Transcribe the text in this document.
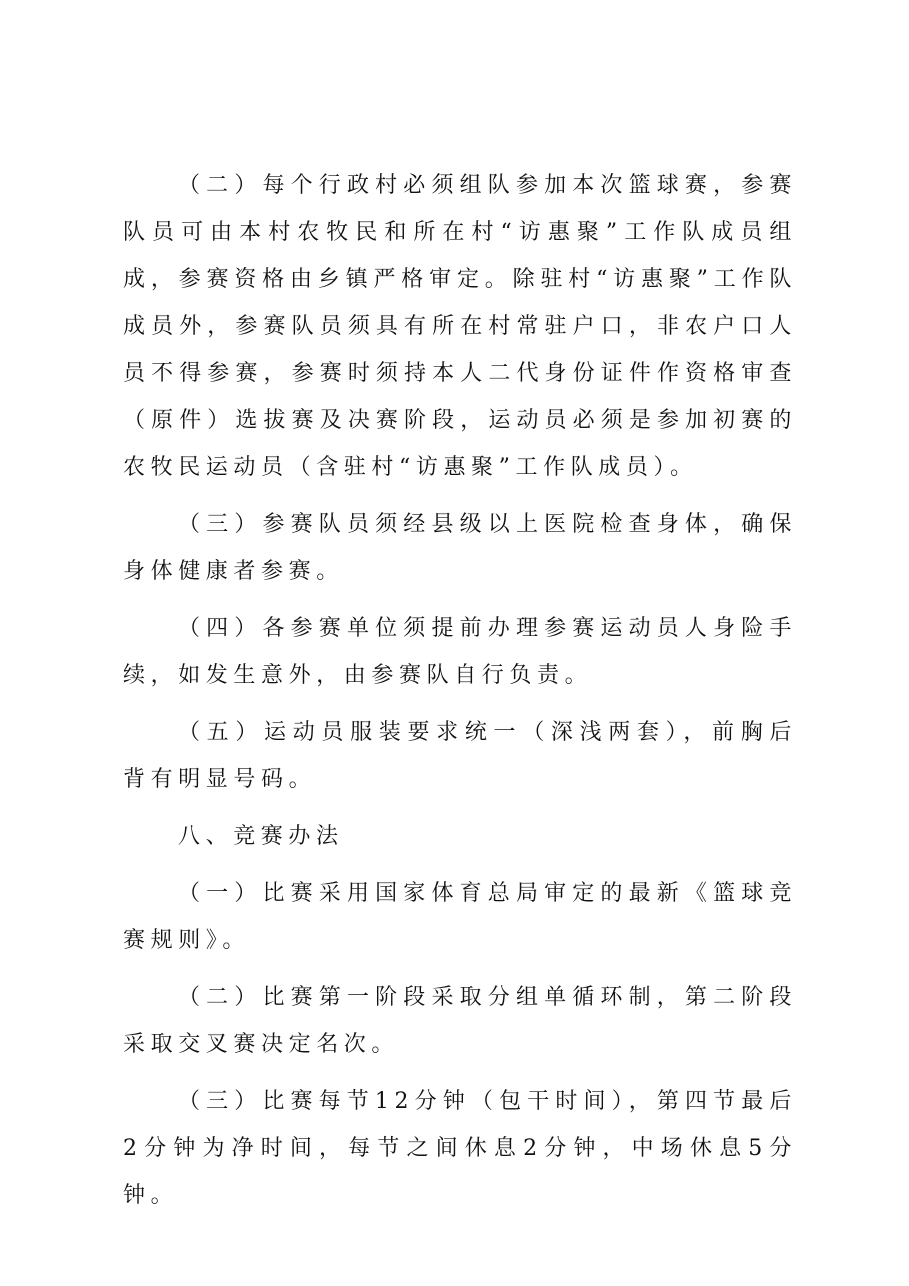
（二）每个行政村必须组队参加本次篮球赛，参赛队员可由本村农牧民和所在村“访惠聚”工作队成员组成，参赛资格由乡镇严格审定。除驻村“访惠聚”工作队成员外，参赛队员须具有所在村常驻户口，非农户口人员不得参赛，参赛时须持本人二代身份证件作资格审查（原件）选拔赛及决赛阶段，运动员必须是参加初赛的农牧民运动员（含驻村“访惠聚”工作队成员）。

（三）参赛队员须经县级以上医院检查身体，确保身体健康者参赛。

（四）各参赛单位须提前办理参赛运动员人身险手续，如发生意外，由参赛队自行负责。

（五）运动员服装要求统一（深浅两套），前胸后背有明显号码。

八、竞赛办法

（一）比赛采用国家体育总局审定的最新《篮球竞赛规则》。

（二）比赛第一阶段采取分组单循环制，第二阶段采取交叉赛决定名次。

（三）比赛每节12分钟（包干时间），第四节最后2分钟为净时间，每节之间休息2分钟，中场休息5分钟。
